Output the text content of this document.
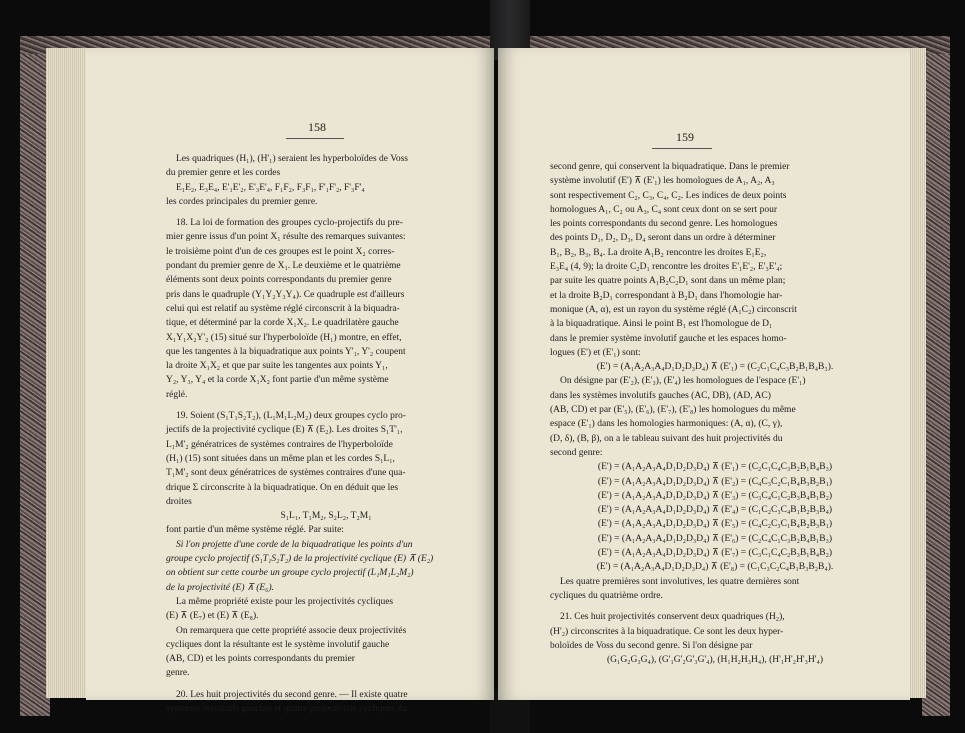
158

Les quadriques (H₁), (H'₁) seraient les hyperboloïdes de Voss

du premier genre et les cordes

E₁E₂, E₃E₄, E'₁E'₂, E'₃E'₄, F₁F₂, F₃F₁, F'₁F'₂, F'₃F'₄

les cordes principales du premier genre.

18. La loi de formation des groupes cyclo-projectifs du pre-

mier genre issus d'un point X₁ résulte des remarques suivantes:

le troisième point d'un de ces groupes est le point X₂ corres-

pondant du premier genre de X₁. Le deuxième et le quatrième

éléments sont deux points correspondants du premier genre

pris dans le quadruple (Y₁Y₂Y₃Y₄). Ce quadruple est d'ailleurs

celui qui est relatif au système réglé circonscrit à la biquadra-

tique, et déterminé par la corde X₁X₂. Le quadrilatère gauche

X₁Y₁X₂Y'₂ (15) situé sur l'hyperboloïde (H₁) montre, en effet,

que les tangentes à la biquadratique aux points Y'₁, Y'₂ coupent

la droite X₁X₂ et que par suite les tangentes aux points Y₁,

Y₂, Y₃, Y₄ et la corde X₁X₂ font partie d'un même système

réglé.

19. Soient (S₁T₁S₂T₂), (L₁M₁L₂M₂) deux groupes cyclo pro-

jectifs de la projectivité cyclique (E) ⊼ (E₂). Les droites S₁T'₁,

L₁M'₂ génératrices de systèmes contraires de l'hyperboloïde

(H₁) (15) sont situées dans un même plan et les cordes S₁L₁,

T₁M'₂ sont deux génératrices de systèmes contraires d'une qua-

drique Σ circonscrite à la biquadratique. On en déduit que les

droites

S₁L₁, T₁M₂, S₂L₂, T₂M₁

font partie d'un même système réglé. Par suite:

Si l'on projette d'une corde de la biquadratique les points d'un

groupe cyclo projectif (S₁T₁S₂T₂) de la projectivité cyclique (E) ⊼ (E₂)

on obtient sur cette courbe un groupe cyclo projectif (L₁M₁L₂M₂)

de la projectivité (E) ⊼ (E₆).

La même propriété existe pour les projectivités cycliques

(E) ⊼ (E₇) et (E) ⊼ (E₈).

On remarquera que cette propriété associe deux projectivités

cycliques dont la résultante est le système involutif gauche

(AB, CD) et les points correspondants du premier

genre.

20. Les huit projectivités du second genre. — Il existe quatre

systèmes involutifs gauches et quatre projectivités cycliques du

159

second genre, qui conservent la biquadratique. Dans le premier

système involutif (E') ⊼ (E'₁) les homologues de A₁, A₂, A₃

sont respectivement C₂, C₃, C₄, C₂. Les indices de deux points

homologues A₁, C₂ ou A₃, C₄ sont ceux dont on se sert pour

les points correspondants du second genre. Les homologues

des points D₁, D₂, D₃, D₄ seront dans un ordre à déterminer

B₁, B₂, B₃, B₄. La droite A₁B₂ rencontre les droites E₁E₂,

E₃E₄ (4, 9); la droite C₂D₁ rencontre les droites E'₁E'₂, E'₃E'₄;

par suite les quatre points A₁B₂C₂D₁ sont dans un même plan;

et la droite B₂D₁ correspondant à B₂D₁ dans l'homologie har-

monique (A, α), est un rayon du système réglé (A₁C₂) circonscrit

à la biquadratique. Ainsi le point B₁ est l'homologue de D₁

dans le premier système involutif gauche et les espaces homo-

logues (E') et (E'₁) sont:

(E') = (A₁A₂A₃A₄D₁D₂D₃D₄) ⊼ (E'₁) = (C₂C₁C₄C₃B₂B₁B₄B₃).

On désigne par (E'₂), (E'₃), (E'₄) les homologues de l'espace (E'₁)

dans les systèmes involutifs gauches (AC, DB), (AD, AC)

(AB, CD) et par (E'₅), (E'₆), (E'₇), (E'₈) les homologues du même

espace (E'₁) dans les homologies harmoniques: (A, α), (C, γ),

(D, δ), (B, β), on a le tableau suivant des huit projectivités du

second genre:

(E') = (A₁A₂A₃A₄D₁D₂D₃D₄) ⊼ (E'₁) = (C₂C₁C₄C₃B₂B₁B₄B₃)

(E') = (A₁A₂A₃A₄D₁D₂D₃D₄) ⊼ (E'₂) = (C₄C₃C₂C₁B₄B₃B₂B₁)

(E') = (A₁A₂A₃A₄D₁D₂D₃D₄) ⊼ (E'₃) = (C₃C₄C₁C₂B₃B₄B₁B₂)

(E') = (A₁A₂A₃A₄D₁D₂D₃D₄) ⊼ (E'₄) = (C₁C₂C₃C₄B₁B₂B₃B₄)

(E') = (A₁A₂A₃A₄D₁D₂D₃D₄) ⊼ (E'₅) = (C₄C₂C₃C₁B₄B₂B₃B₁)

(E') = (A₁A₂A₃A₄D₁D₂D₃D₄) ⊼ (E'₆) = (C₂C₄C₁C₃B₂B₄B₁B₃)

(E') = (A₁A₂A₃A₄D₁D₂D₃D₄) ⊼ (E'₇) = (C₃C₁C₄C₂B₃B₁B₄B₂)

(E') = (A₁A₂A₃A₄D₁D₂D₃D₄) ⊼ (E'₈) = (C₁C₃C₂C₄B₁B₃B₂B₄).

Les quatre premières sont involutives, les quatre dernières sont

cycliques du quatrième ordre.

21. Ces huit projectivités conservent deux quadriques (H₂),

(H'₂) circonscrites à la biquadratique. Ce sont les deux hyper-

boloïdes de Voss du second genre. Si l'on désigne par

(G₁G₂G₃G₄), (G'₁G'₂G'₃G'₄), (H₁H₂H₃H₄), (H'₁H'₂H'₃H'₄)
